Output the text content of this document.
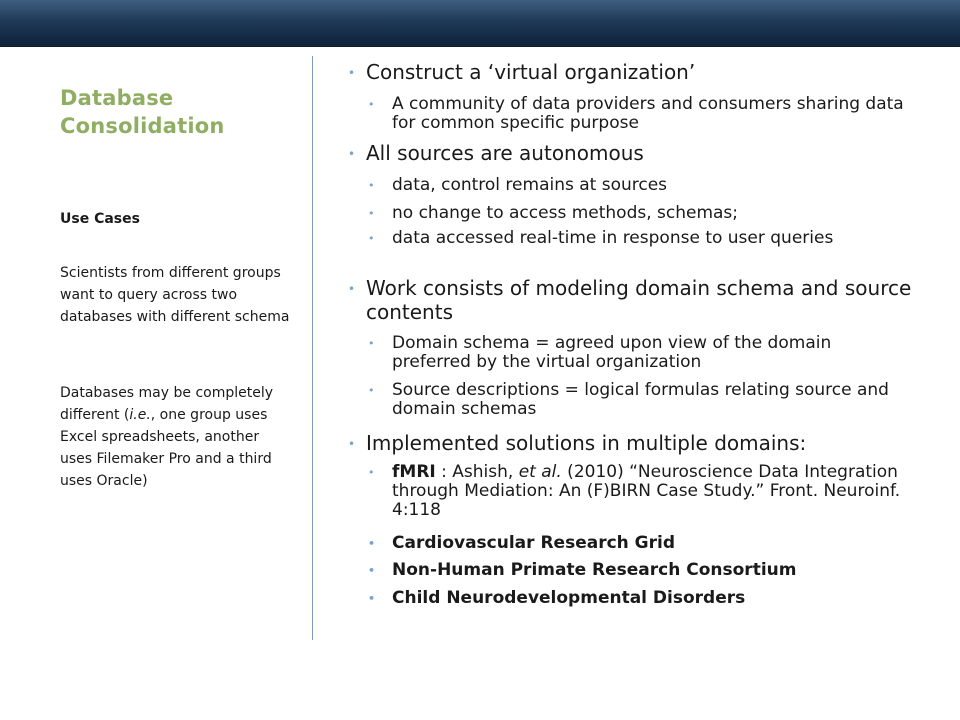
Database
Consolidation

Use Cases

Scientists from different groups want to query across two databases with different schema

Databases may be completely different (i.e., one group uses Excel spreadsheets, another uses Filemaker Pro and a third uses Oracle)

• Construct a ‘virtual organization’
• A community of data providers and consumers sharing data for common specific purpose
• All sources are autonomous
• data, control remains at sources
• no change to access methods, schemas;
• data accessed real-time in response to user queries
• Work consists of modeling domain schema and source contents
• Domain schema = agreed upon view of the domain preferred by the virtual organization
• Source descriptions = logical formulas relating source and domain schemas
• Implemented solutions in multiple domains:
• fMRI : Ashish, et al. (2010) “Neuroscience Data Integration through Mediation: An (F)BIRN Case Study.” Front. Neuroinf. 4:118
• Cardiovascular Research Grid
• Non-Human Primate Research Consortium
• Child Neurodevelopmental Disorders
